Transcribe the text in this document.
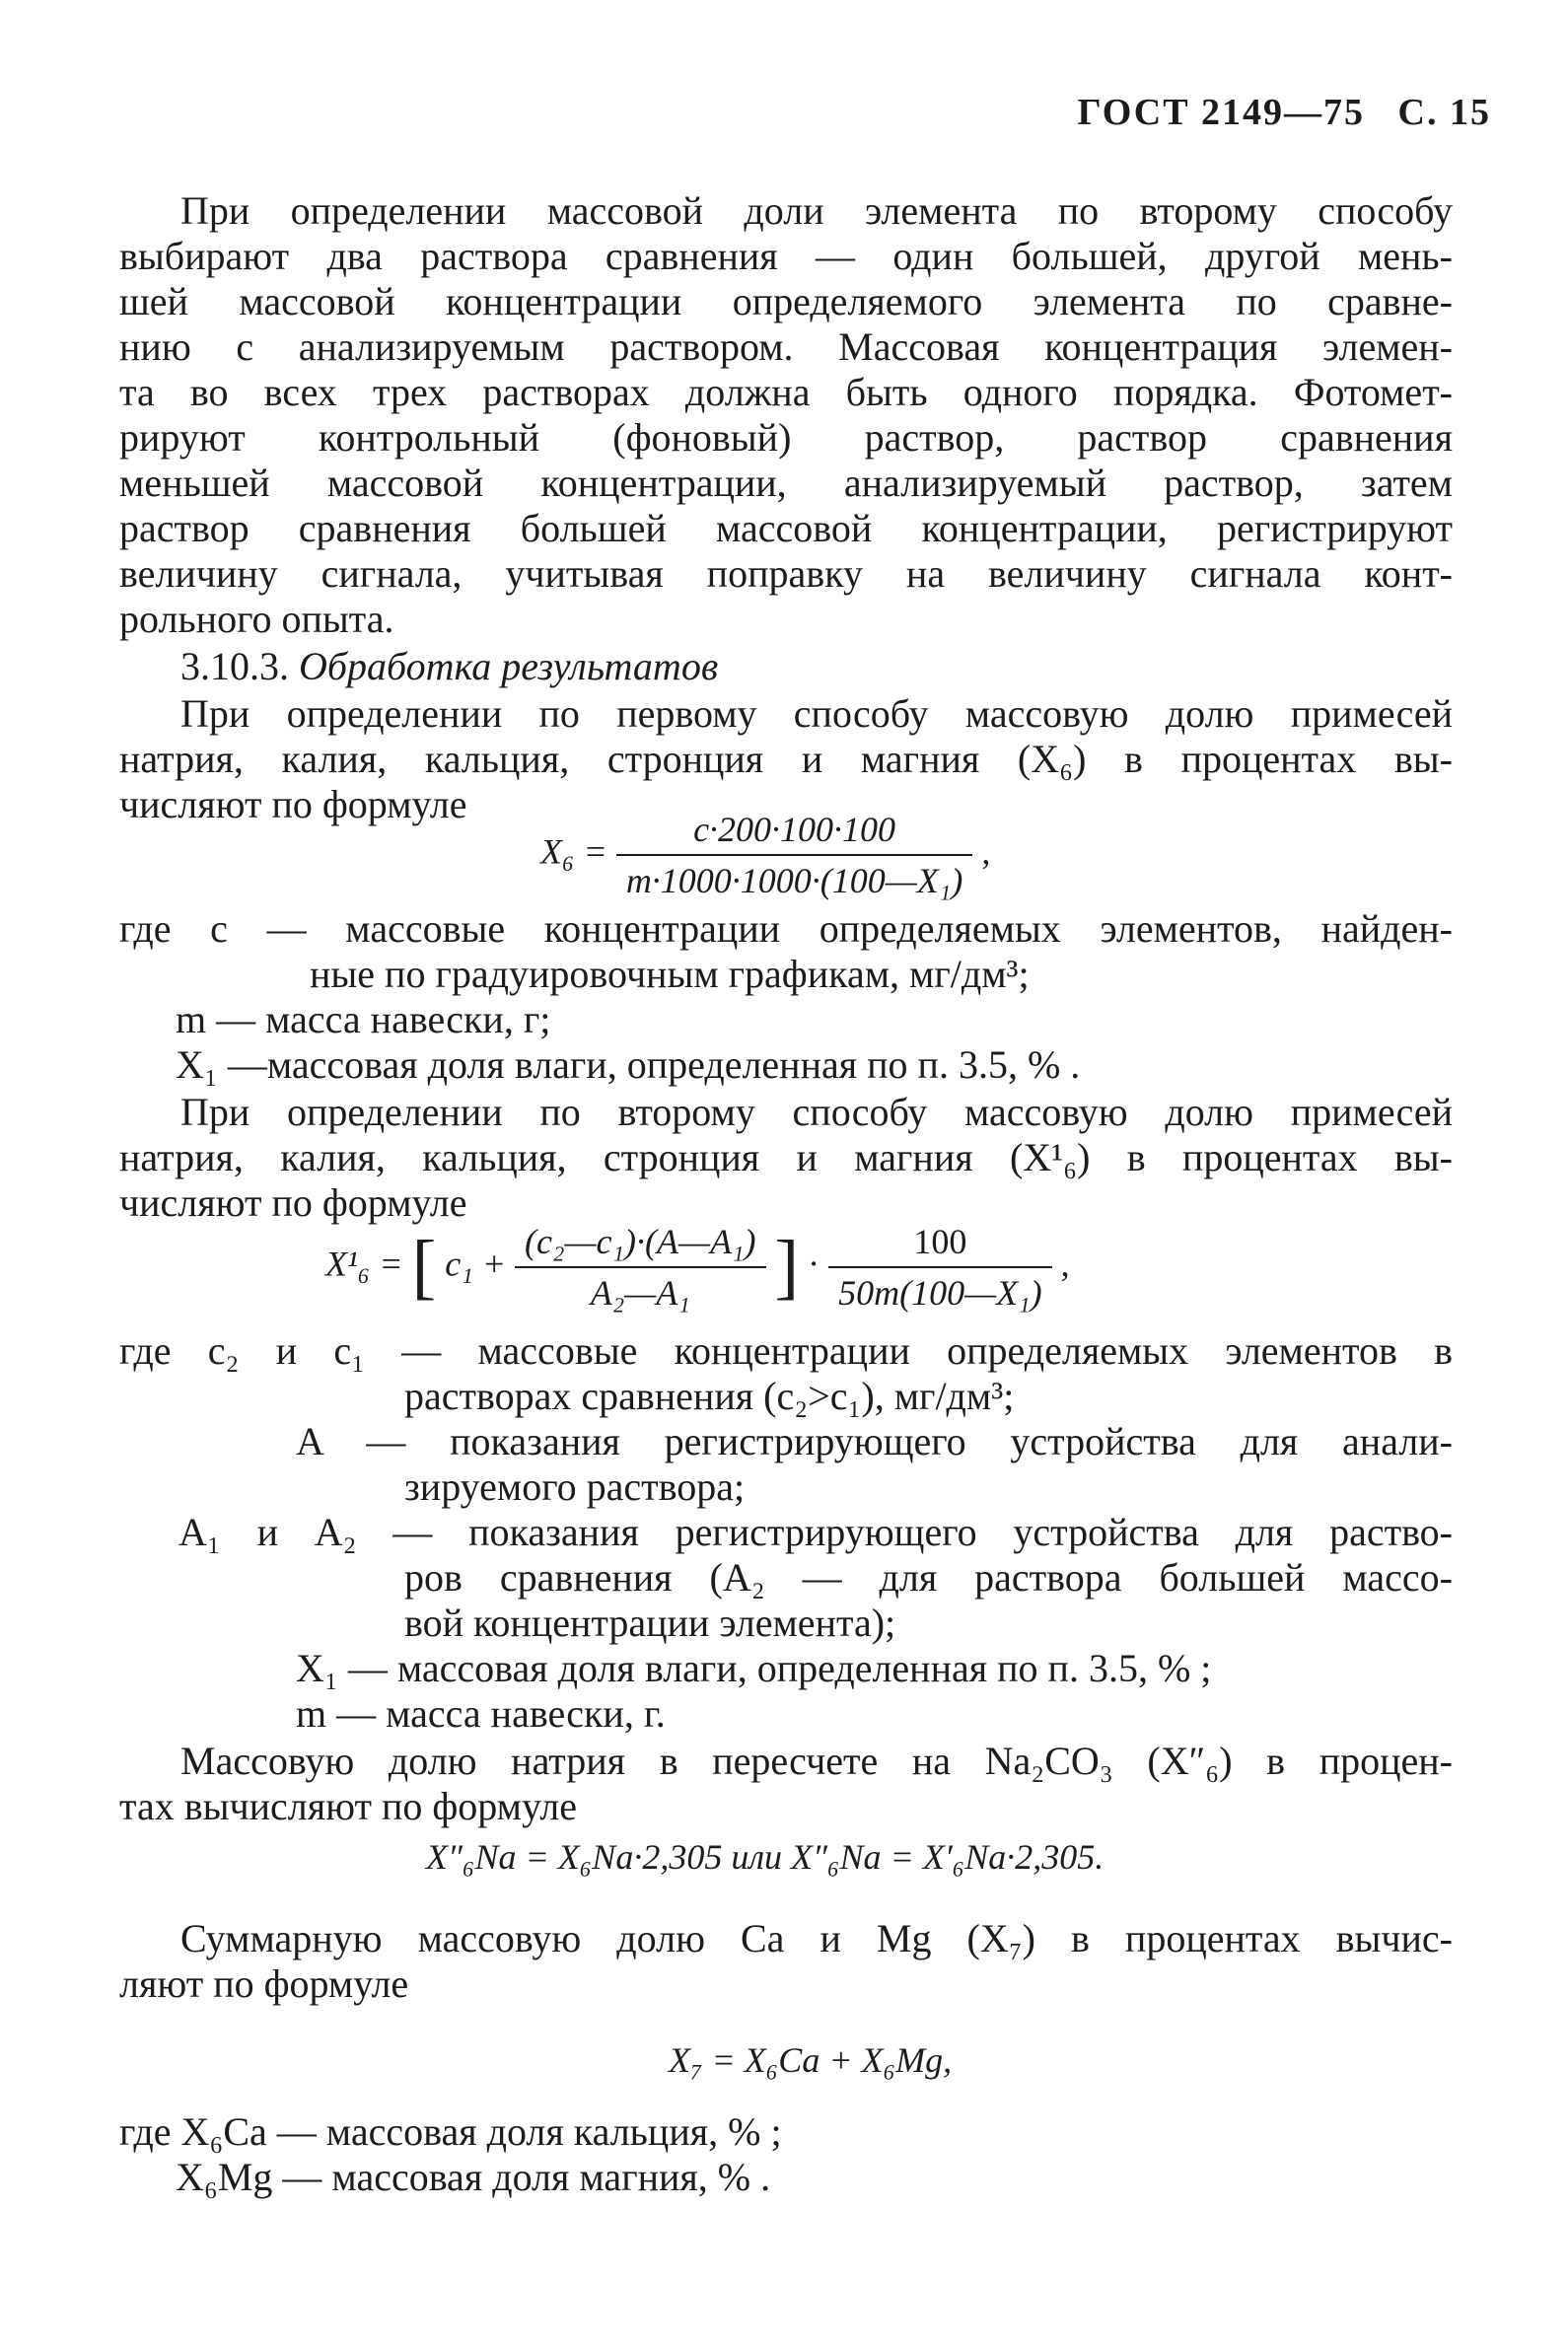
ГОСТ 2149—75 С. 15
При определении массовой доли элемента по второму способу
выбирают два раствора сравнения — один большей, другой мень-
шей массовой концентрации определяемого элемента по сравне-
нию с анализируемым раствором. Массовая концентрация элемен-
та во всех трех растворах должна быть одного порядка. Фотомет-
рируют контрольный (фоновый) раствор, раствор сравнения
меньшей массовой концентрации, анализируемый раствор, затем
раствор сравнения большей массовой концентрации, регистрируют
величину сигнала, учитывая поправку на величину сигнала конт-
рольного опыта.
3.10.3. Обработка результатов
При определении по первому способу массовую долю примесей
натрия, калия, кальция, стронция и магния (X₆) в процентах вы-
числяют по формуле
$X_6 = \frac{c\cdot 200\cdot 100\cdot 100}{\text{m·1000·1000·(100—X₁)}}$ ,
где c — массовые концентрации определяемых элементов, найден-
ные по градуировочным графикам, мг/дм³;
m — масса навески, г;
X₁ —массовая доля влаги, определенная по п. 3.5, % .
При определении по второму способу массовую долю примесей
натрия, калия, кальция, стронция и магния (X¹₆) в процентах вы-
числяют по формуле
X¹₆ = [ $c_1 + \frac{\text{(c₂—c₁)·(A—A₁)}}{\text{A₂—A₁}}$ ] · $\frac{100}{\text{50m(100—X₁)}}$ ,
где c₂ и c₁ — массовые концентрации определяемых элементов в
растворах сравнения (c₂>c₁), мг/дм³;
A — показания регистрирующего устройства для анали-
зируемого раствора;
A₁ и A₂ — показания регистрирующего устройства для раство-
ров сравнения (A₂ — для раствора большей массо-
вой концентрации элемента);
X₁ — массовая доля влаги, определенная по п. 3.5, % ;
m — масса навески, г.
Массовую долю натрия в пересчете на Na₂CO₃ (X″₆) в процен-
тах вычисляют по формуле
X″₆Na = X₆Na·2,305 или X″₆Na = X′₆Na·2,305.
Суммарную массовую долю Ca и Mg (X₇) в процентах вычис-
ляют по формуле
X₇ = X₆Ca + X₆Mg,
где X₆Ca — массовая доля кальция, % ;
X₆Mg — массовая доля магния, % .
